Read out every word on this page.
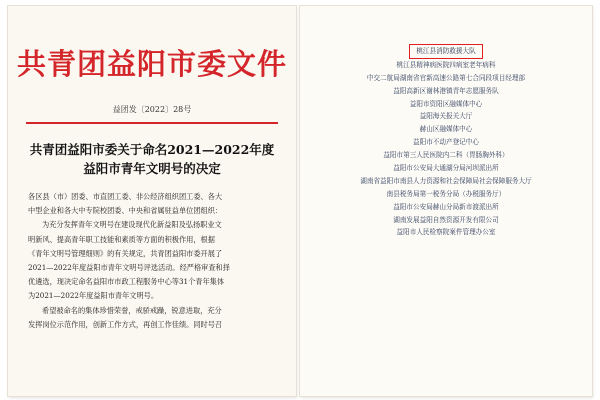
共青团益阳市委文件
益团发〔2022〕28号
共青团益阳市委关于命名2021—2022年度
益阳市青年文明号的决定

各区县（市）团委、市直团工委、非公经济组织团工委、各大

中型企业和各大中专院校团委、中央和省属驻益单位团组织：

为充分发挥青年文明号在建设现代化新益阳及弘扬职业文

明新风、提高青年职工技能和素质等方面的积极作用，根据

《青年文明号管理细则》的有关规定，共青团益阳市委开展了

2021—2022年度益阳市青年文明号评选活动。经严格审查和择

优遴选，现决定命名益阳市市政工程服务中心等31个青年集体

为2021—2022年度益阳市青年文明号。

希望被命名的集体珍惜荣誉，戒骄戒躁，锐意进取，充分

发挥岗位示范作用，创新工作方式，再创工作佳绩。同时号召

桃江县消防救援大队
桃江县精神病医院四病室老年病科
中交二航局湖南省官新高速公路第七合同段项目经理部
益阳高新区谢林港镇青年志愿服务队
益阳市资阳区融媒体中心
益阳海关报关大厅
赫山区融媒体中心
益阳市不动产登记中心
益阳市第三人民医院内二科（胃肠胸外科）
益阳市公安局大通湖分局河坝派出所
湖南省益阳市南县人力资源和社会保障局社会保障服务大厅
南县税务局第一税务分局（办税服务厅）
益阳市公安局赫山分局新市渡派出所
湖南发展益阳自然资源开发有限公司
益阳市人民检察院案件管理办公室
